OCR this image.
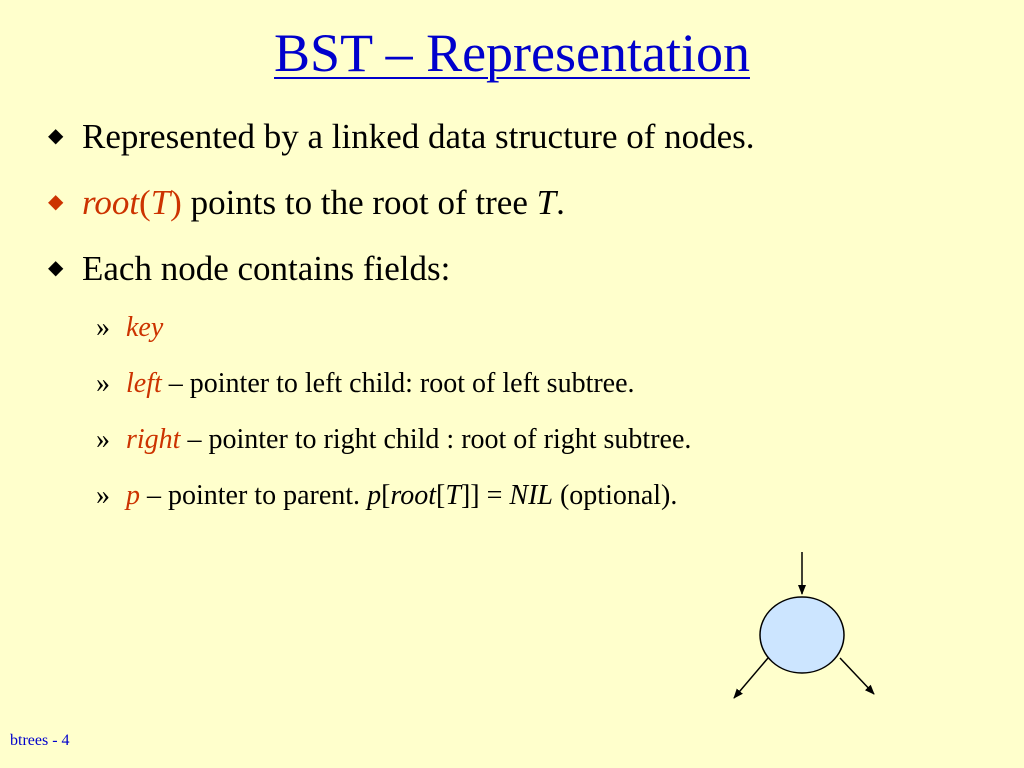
BST – Representation
◆ Represented by a linked data structure of nodes.
◆ root(T) points to the root of tree T.
◆ Each node contains fields:
» key
» left – pointer to left child: root of left subtree.
» right – pointer to right child : root of right subtree.
» p – pointer to parent. p[root[T]] = NIL (optional).
btrees - 4
